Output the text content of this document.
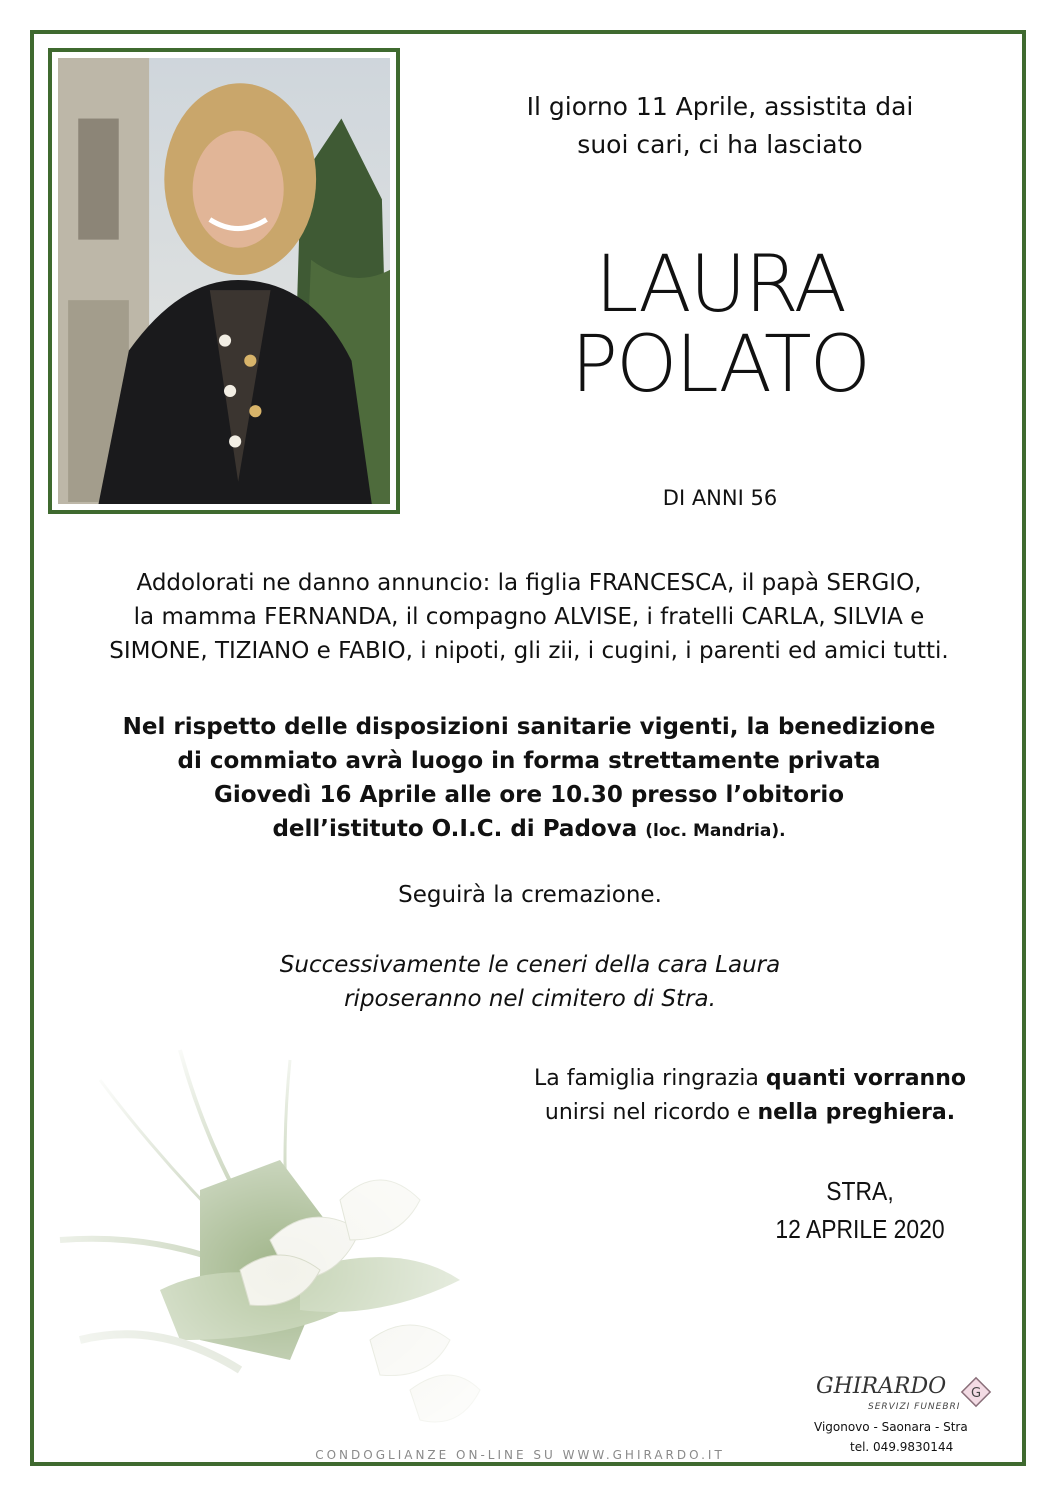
Il giorno 11 Aprile, assistita dai
suoi cari, ci ha lasciato
LAURA
POLATO
DI ANNI 56
Addolorati ne danno annuncio: la figlia FRANCESCA, il papà SERGIO,
la mamma FERNANDA, il compagno ALVISE, i fratelli CARLA, SILVIA e
SIMONE, TIZIANO e FABIO, i nipoti, gli zii, i cugini, i parenti ed amici tutti.
Nel rispetto delle disposizioni sanitarie vigenti, la benedizione
di commiato avrà luogo in forma strettamente privata
Giovedì 16 Aprile alle ore 10.30 presso l’obitorio
dell’istituto O.I.C. di Padova (loc. Mandria).
Seguirà la cremazione.
Successivamente le ceneri della cara Laura
riposeranno nel cimitero di Stra.
La famiglia ringrazia quanti vorranno
unirsi nel ricordo e nella preghiera.
STRA,
12 APRILE 2020
CONDOGLIANZE ON-LINE SU WWW.GHIRARDO.IT
GHIRARDO
SERVIZI FUNEBRI
G
Vigonovo - Saonara - Stra
tel. 049.9830144
